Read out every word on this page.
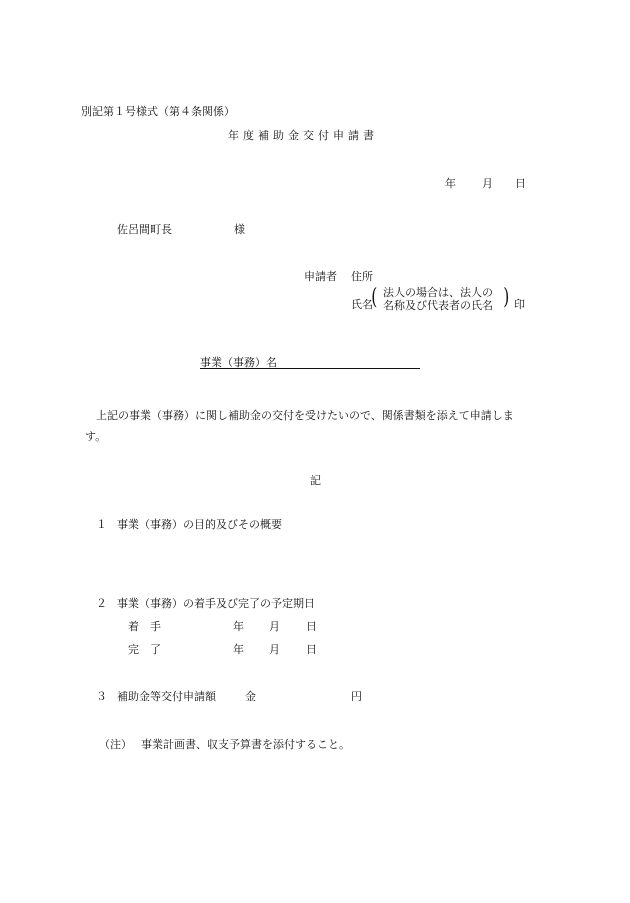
別記第１号様式（第４条関係）
年度補助金交付申請書
年 月 日
佐呂間町長	様
申請者 住所
氏名
( 法人の場合は、法人の
名称及び代表者の氏名 ) 印
事業（事務）名
上記の事業（事務）に関し補助金の交付を受けたいので、関係書類を添えて申請しま
す。
記
１ 事業（事務）の目的及びその概要
２ 事業（事務）の着手及び完了の予定期日
着　手	年 月 日
完　了	年 月 日
３ 補助金等交付申請額	金	円
（注） 事業計画書、収支予算書を添付すること。
